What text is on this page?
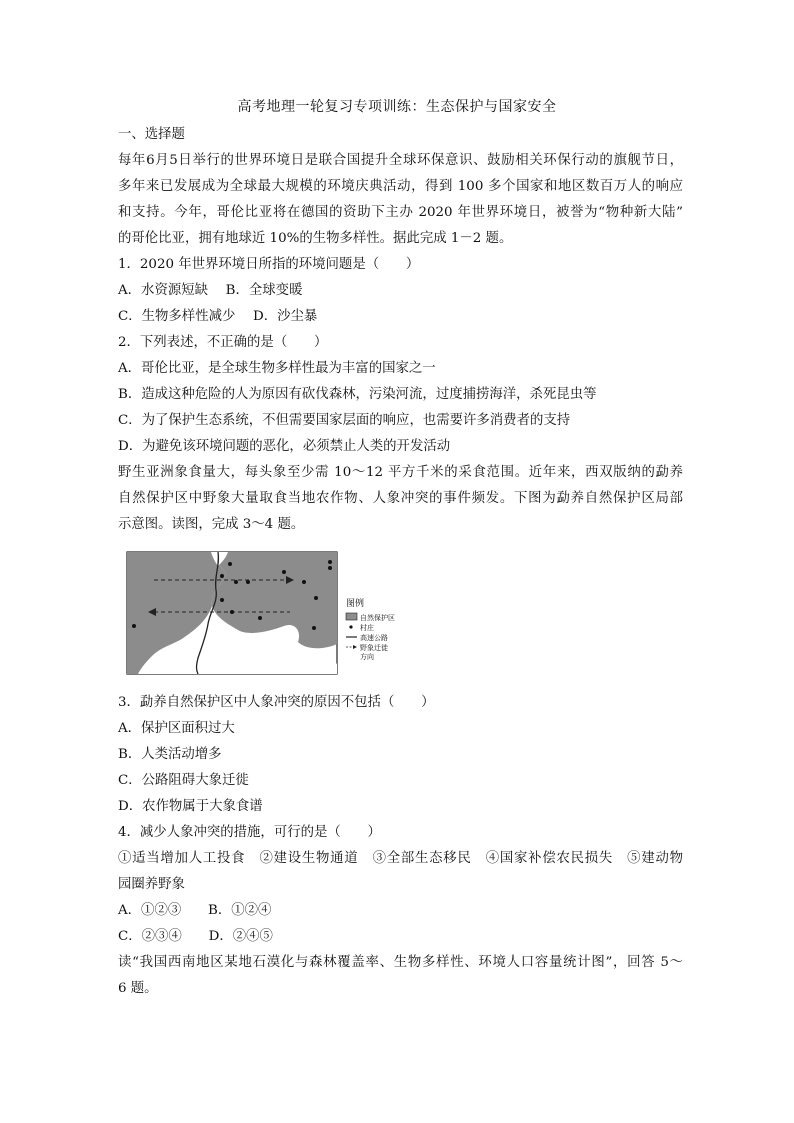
高考地理一轮复习专项训练：生态保护与国家安全
一、选择题
每年6月5日举行的世界环境日是联合国提升全球环保意识、鼓励相关环保行动的旗舰节日，
多年来已发展成为全球最大规模的环境庆典活动，得到 100 多个国家和地区数百万人的响应
和支持。今年，哥伦比亚将在德国的资助下主办 2020 年世界环境日，被誉为“物种新大陆”
的哥伦比亚，拥有地球近 10%的生物多样性。据此完成 1－2 题。
1．2020 年世界环境日所指的环境问题是（　　）
A．水资源短缺　 B．全球变暖
C．生物多样性减少　 D．沙尘暴
2．下列表述，不正确的是（　　）
A．哥伦比亚，是全球生物多样性最为丰富的国家之一
B．造成这种危险的人为原因有砍伐森林，污染河流，过度捕捞海洋，杀死昆虫等
C．为了保护生态系统，不但需要国家层面的响应，也需要许多消费者的支持
D．为避免该环境问题的恶化，必须禁止人类的开发活动
野生亚洲象食量大，每头象至少需 10～12 平方千米的采食范围。近年来，西双版纳的勐养
自然保护区中野象大量取食当地农作物、人象冲突的事件频发。下图为勐养自然保护区局部
示意图。读图，完成 3～4 题。
图例
自然保护区
村庄
高速公路
野象迁徙
方向
3．勐养自然保护区中人象冲突的原因不包括（　　）
A．保护区面积过大
B．人类活动增多
C．公路阻碍大象迁徙
D．农作物属于大象食谱
4．减少人象冲突的措施，可行的是（　　）
①适当增加人工投食　②建设生物通道　③全部生态移民　④国家补偿农民损失　⑤建动物
园圈养野象
A．①②③　　B．①②④
C．②③④　　D．②④⑤
读“我国西南地区某地石漠化与森林覆盖率、生物多样性、环境人口容量统计图”，回答 5～
6 题。
